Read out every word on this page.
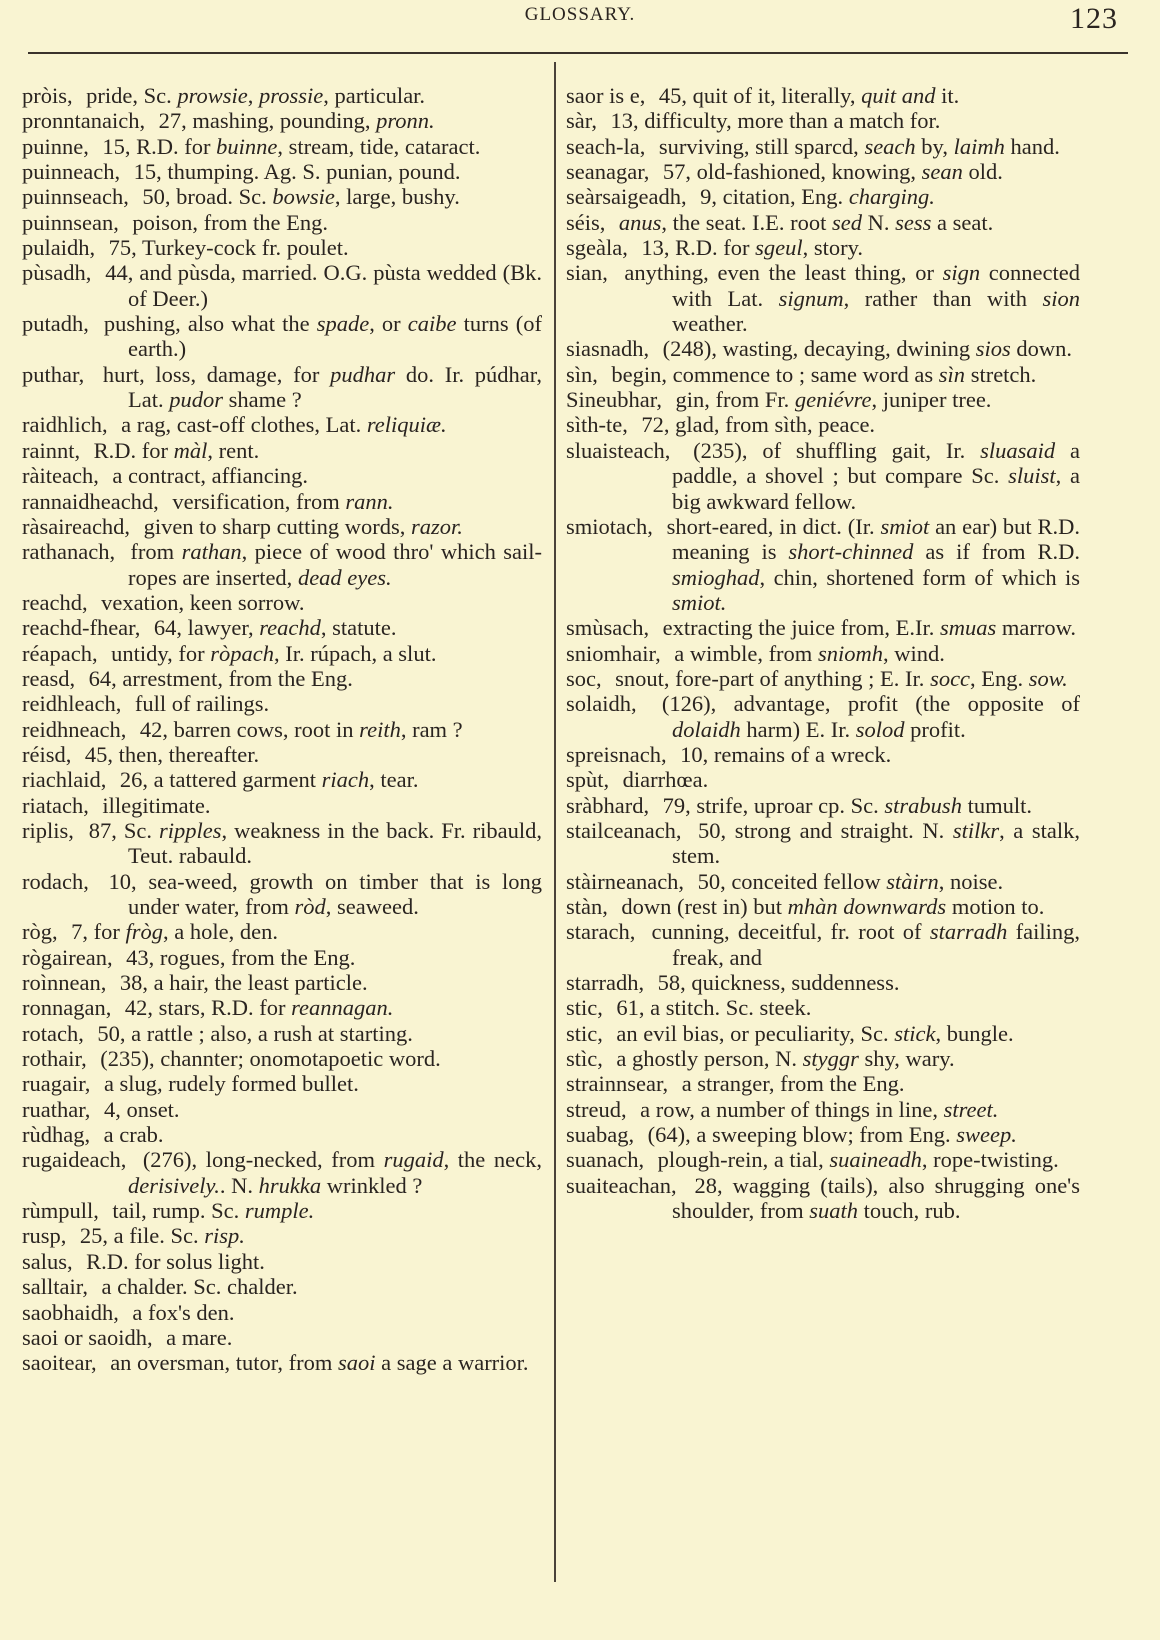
GLOSSARY.	123
pròis, pride, Sc. prowsie, prossie, particular.
pronntanaich, 27, mashing, pounding, pronn.
puinne, 15, R.D. for buinne, stream, tide, cataract.
puinneach, 15, thumping. Ag. S. punian, pound.
puinnseach, 50, broad. Sc. bowsie, large, bushy.
puinnsean, poison, from the Eng.
pulaidh, 75, Turkey-cock fr. poulet.
pùsadh, 44, and pùsda, married. O.G. pùsta wedded (Bk. of Deer.)
putadh, pushing, also what the spade, or caibe turns (of earth.)
puthar, hurt, loss, damage, for pudhar do. Ir. púdhar, Lat. pudor shame ?
raidhlich, a rag, cast-off clothes, Lat. reliquiæ.
rainnt, R.D. for màl, rent.
ràiteach, a contract, affiancing.
rannaidheachd, versification, from rann.
ràsaireachd, given to sharp cutting words, razor.
rathanach, from rathan, piece of wood thro' which sail-ropes are inserted, dead eyes.
reachd, vexation, keen sorrow.
reachd-fhear, 64, lawyer, reachd, statute.
réapach, untidy, for ròpach, Ir. rúpach, a slut.
reasd, 64, arrestment, from the Eng.
reidhleach, full of railings.
reidhneach, 42, barren cows, root in reith, ram ?
réisd, 45, then, thereafter.
riachlaid, 26, a tattered garment riach, tear.
riatach, illegitimate.
riplis, 87, Sc. ripples, weakness in the back. Fr. ribauld, Teut. rabauld.
rodach, 10, sea-weed, growth on timber that is long under water, from ròd, seaweed.
ròg, 7, for fròg, a hole, den.
rògairean, 43, rogues, from the Eng.
roìnnean, 38, a hair, the least particle.
ronnagan, 42, stars, R.D. for reannagan.
rotach, 50, a rattle ; also, a rush at starting.
rothair, (235), channter; onomotapoetic word.
ruagair, a slug, rudely formed bullet.
ruathar, 4, onset.
rùdhag, a crab.
rugaideach, (276), long-necked, from rugaid, the neck, derisively.. N. hrukka wrinkled ?
rùmpull, tail, rump. Sc. rumple.
rusp, 25, a file. Sc. risp.
salus, R.D. for solus light.
salltair, a chalder. Sc. chalder.
saobhaidh, a fox's den.
saoi or saoidh, a mare.
saoitear, an oversman, tutor, from saoi a sage a warrior.
saor is e, 45, quit of it, literally, quit and it.
sàr, 13, difficulty, more than a match for.
seach-la, surviving, still sparcd, seach by, laimh hand.
seanagar, 57, old-fashioned, knowing, sean old.
seàrsaigeadh, 9, citation, Eng. charging.
séis, anus, the seat. I.E. root sed N. sess a seat.
sgeàla, 13, R.D. for sgeul, story.
sian, anything, even the least thing, or sign connected with Lat. signum, rather than with sion weather.
siasnadh, (248), wasting, decaying, dwining sios down.
sìn, begin, commence to ; same word as sìn stretch.
Sineubhar, gin, from Fr. geniévre, juniper tree.
sìth-te, 72, glad, from sìth, peace.
sluaisteach, (235), of shuffling gait, Ir. sluasaid a paddle, a shovel ; but compare Sc. sluist, a big awkward fellow.
smiotach, short-eared, in dict. (Ir. smiot an ear) but R.D. meaning is short-chinned as if from R.D. smioghad, chin, shortened form of which is smiot.
smùsach, extracting the juice from, E.Ir. smuas marrow.
sniomhair, a wimble, from sniomh, wind.
soc, snout, fore-part of anything ; E. Ir. socc, Eng. sow.
solaidh, (126), advantage, profit (the opposite of dolaidh harm) E. Ir. solod profit.
spreisnach, 10, remains of a wreck.
spùt, diarrhœa.
sràbhard, 79, strife, uproar cp. Sc. strabush tumult.
stailceanach, 50, strong and straight. N. stilkr, a stalk, stem.
stàirneanach, 50, conceited fellow stàirn, noise.
stàn, down (rest in) but mhàn downwards motion to.
starach, cunning, deceitful, fr. root of starradh failing, freak, and
starradh, 58, quickness, suddenness.
stic, 61, a stitch. Sc. steek.
stic, an evil bias, or peculiarity, Sc. stick, bungle.
stìc, a ghostly person, N. styggr shy, wary.
strainnsear, a stranger, from the Eng.
streud, a row, a number of things in line, street.
suabag, (64), a sweeping blow; from Eng. sweep.
suanach, plough-rein, a tial, suaineadh, rope-twisting.
suaiteachan, 28, wagging (tails), also shrugging one's shoulder, from suath touch, rub.
